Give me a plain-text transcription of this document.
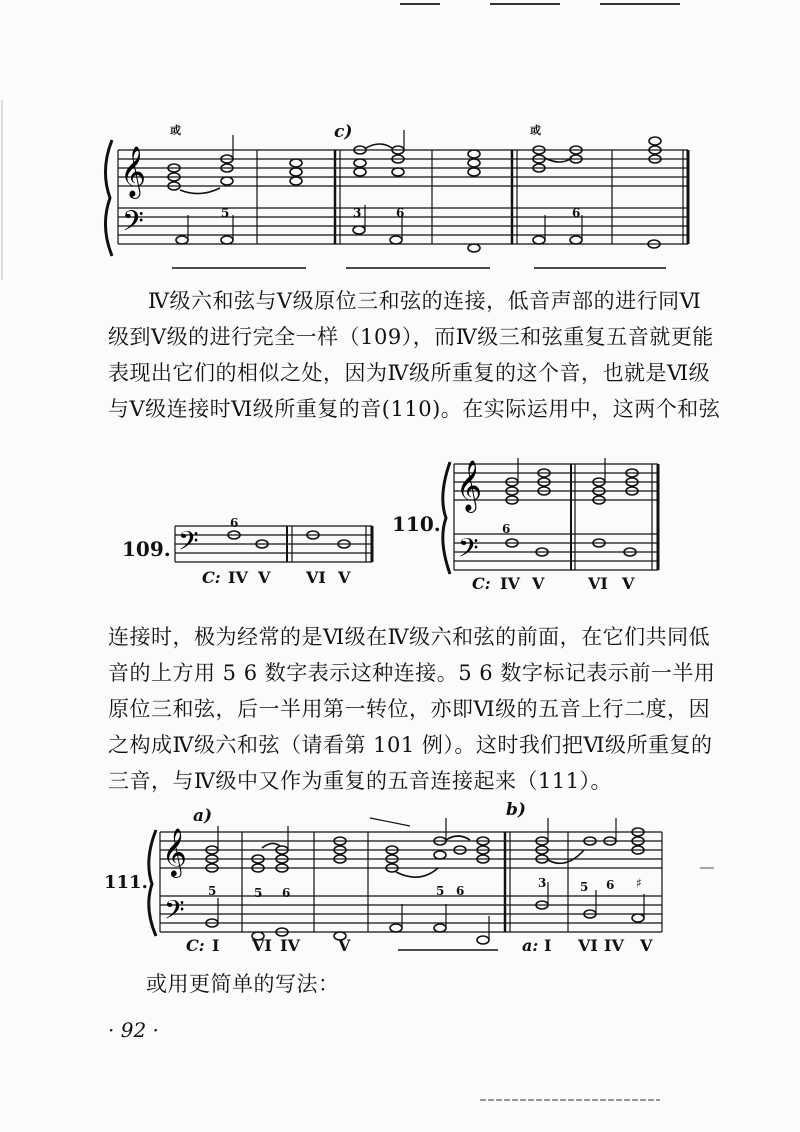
𝄞
𝄢
或	c)	或
5	3	6	6
Ⅳ级六和弦与Ⅴ级原位三和弦的连接，低音声部的进行同Ⅵ
级到Ⅴ级的进行完全一样（109），而Ⅳ级三和弦重复五音就更能
表现出它们的相似之处，因为Ⅳ级所重复的这个音，也就是Ⅵ级
与Ⅴ级连接时Ⅵ级所重复的音(110)。在实际运用中，这两个和弦
109. 𝄢
6
C: IV V VI V
110.
𝄞
𝄢
6
C: IV V	VI V
连接时，极为经常的是Ⅵ级在Ⅳ级六和弦的前面，在它们共同低
音的上方用 5 6 数字表示这种连接。5 6 数字标记表示前一半用
原位三和弦，后一半用第一转位，亦即Ⅵ级的五音上行二度，因
之构成Ⅳ级六和弦（请看第 101 例）。这时我们把Ⅵ级所重复的
三音，与Ⅳ级中又作为重复的五音连接起来（111）。
111.
𝄞
𝄢
a)	b)
5	5 6	5 6
3	5 6 ♯
C: I VI IV V	a: I VI IV V
或用更简单的写法：
· 92 ·
